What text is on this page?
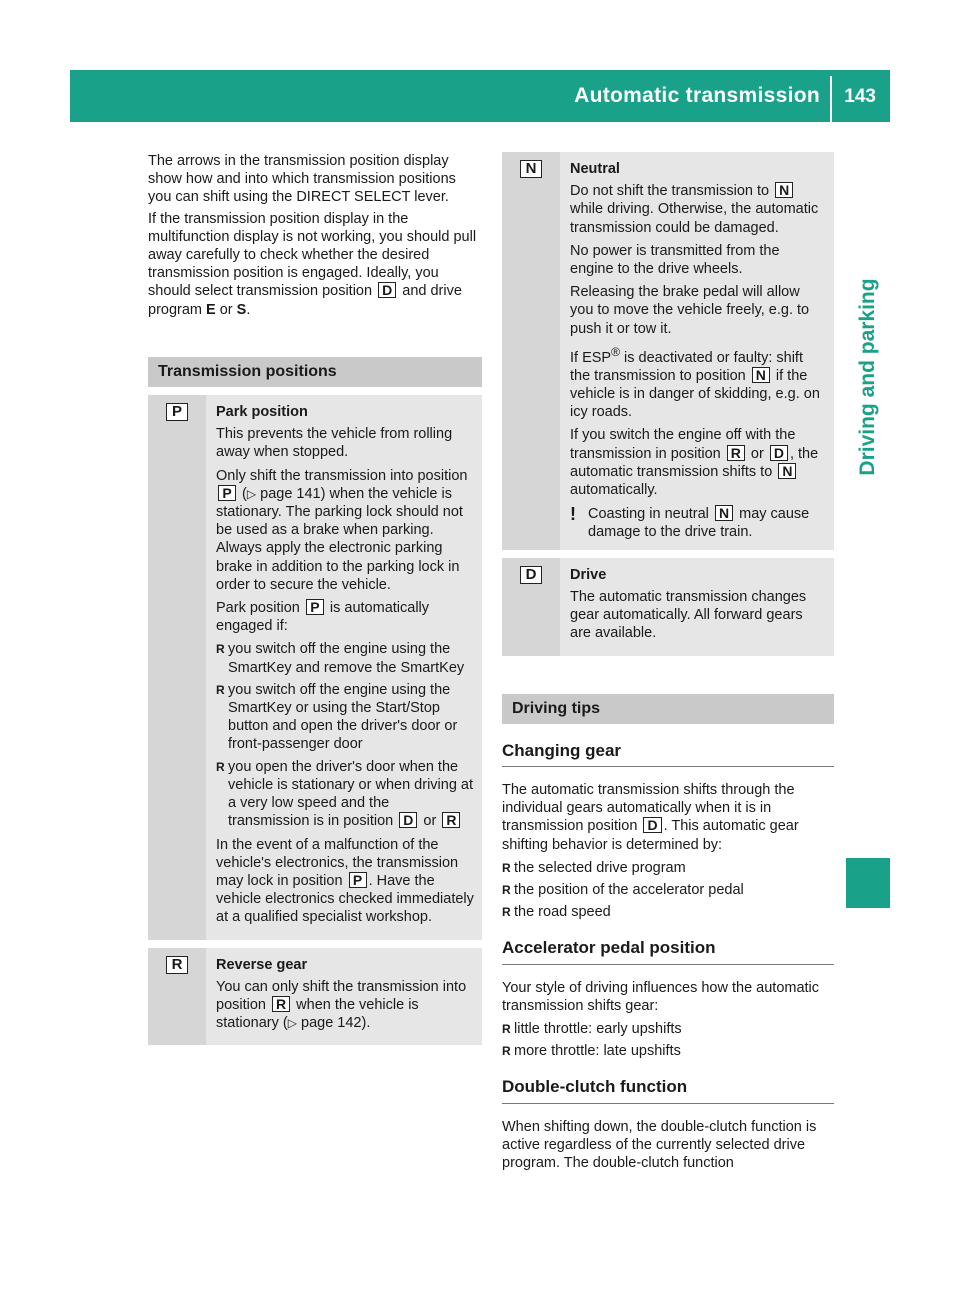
Automatic transmission 143
Driving and parking

The arrows in the transmission position display show how and into which transmission positions you can shift using the DIRECT SELECT lever.

If the transmission position display in the multifunction display is not working, you should pull away carefully to check whether the desired transmission position is engaged. Ideally, you should select transmission position D and drive program E or S.

Transmission positions
P	Park position

This prevents the vehicle from rolling away when stopped.

Only shift the transmission into position P (▷ page 141) when the vehicle is stationary. The parking lock should not be used as a brake when parking. Always apply the electronic parking brake in addition to the parking lock in order to secure the vehicle.

Park position P is automatically engaged if:

R you switch off the engine using the SmartKey and remove the SmartKey
R you switch off the engine using the SmartKey or using the Start/Stop button and open the driver's door or front-passenger door
R you open the driver's door when the vehicle is stationary or when driving at a very low speed and the transmission is in position D or R

In the event of a malfunction of the vehicle's electronics, the transmission may lock in position P . Have the vehicle electronics checked immediately at a qualified specialist workshop.

R	Reverse gear

You can only shift the transmission into position R when the vehicle is stationary (▷ page 142).

N	Neutral

Do not shift the transmission to N while driving. Otherwise, the automatic transmission could be damaged.

No power is transmitted from the engine to the drive wheels.

Releasing the brake pedal will allow you to move the vehicle freely, e.g. to push it or tow it.

If ESP® is deactivated or faulty: shift the transmission to position N if the vehicle is in danger of skidding, e.g. on icy roads.

If you switch the engine off with the transmission in position R or D , the automatic transmission shifts to N automatically.

! Coasting in neutral N may cause damage to the drive train.
D	Drive

The automatic transmission changes gear automatically. All forward gears are available.

Driving tips
Changing gear

The automatic transmission shifts through the individual gears automatically when it is in transmission position D . This automatic gear shifting behavior is determined by:

R the selected drive program
R the position of the accelerator pedal
R the road speed
Accelerator pedal position

Your style of driving influences how the automatic transmission shifts gear:

R little throttle: early upshifts
R more throttle: late upshifts
Double-clutch function

When shifting down, the double-clutch function is active regardless of the currently selected drive program. The double-clutch function
